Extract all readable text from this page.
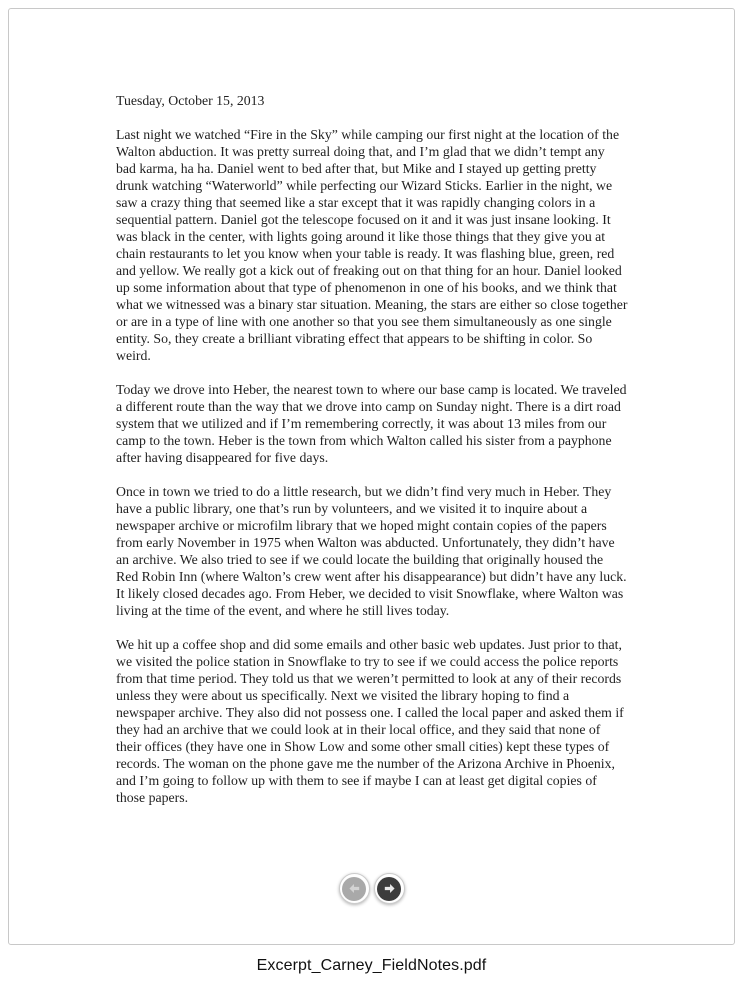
Tuesday, October 15, 2013

Last night we watched “Fire in the Sky” while camping our first night at the location of the Walton abduction. It was pretty surreal doing that, and I’m glad that we didn’t tempt any bad karma, ha ha. Daniel went to bed after that, but Mike and I stayed up getting pretty drunk watching “Waterworld” while perfecting our Wizard Sticks. Earlier in the night, we saw a crazy thing that seemed like a star except that it was rapidly changing colors in a sequential pattern. Daniel got the telescope focused on it and it was just insane looking. It was black in the center, with lights going around it like those things that they give you at chain restaurants to let you know when your table is ready. It was flashing blue, green, red and yellow. We really got a kick out of freaking out on that thing for an hour. Daniel looked up some information about that type of phenomenon in one of his books, and we think that what we witnessed was a binary star situation. Meaning, the stars are either so close together or are in a type of line with one another so that you see them simultaneously as one single entity. So, they create a brilliant vibrating effect that appears to be shifting in color. So weird.

Today we drove into Heber, the nearest town to where our base camp is located. We traveled a different route than the way that we drove into camp on Sunday night. There is a dirt road system that we utilized and if I’m remembering correctly, it was about 13 miles from our camp to the town. Heber is the town from which Walton called his sister from a payphone after having disappeared for five days.

Once in town we tried to do a little research, but we didn’t find very much in Heber. They have a public library, one that’s run by volunteers, and we visited it to inquire about a newspaper archive or microfilm library that we hoped might contain copies of the papers from early November in 1975 when Walton was abducted. Unfortunately, they didn’t have an archive. We also tried to see if we could locate the building that originally housed the Red Robin Inn (where Walton’s crew went after his disappearance) but didn’t have any luck. It likely closed decades ago. From Heber, we decided to visit Snowflake, where Walton was living at the time of the event, and where he still lives today.

We hit up a coffee shop and did some emails and other basic web updates. Just prior to that, we visited the police station in Snowflake to try to see if we could access the police reports from that time period. They told us that we weren’t permitted to look at any of their records unless they were about us specifically. Next we visited the library hoping to find a newspaper archive. They also did not possess one. I called the local paper and asked them if they had an archive that we could look at in their local office, and they said that none of their offices (they have one in Show Low and some other small cities) kept these types of records. The woman on the phone gave me the number of the Arizona Archive in Phoenix, and I’m going to follow up with them to see if maybe I can at least get digital copies of those papers.

Excerpt_Carney_FieldNotes.pdf
